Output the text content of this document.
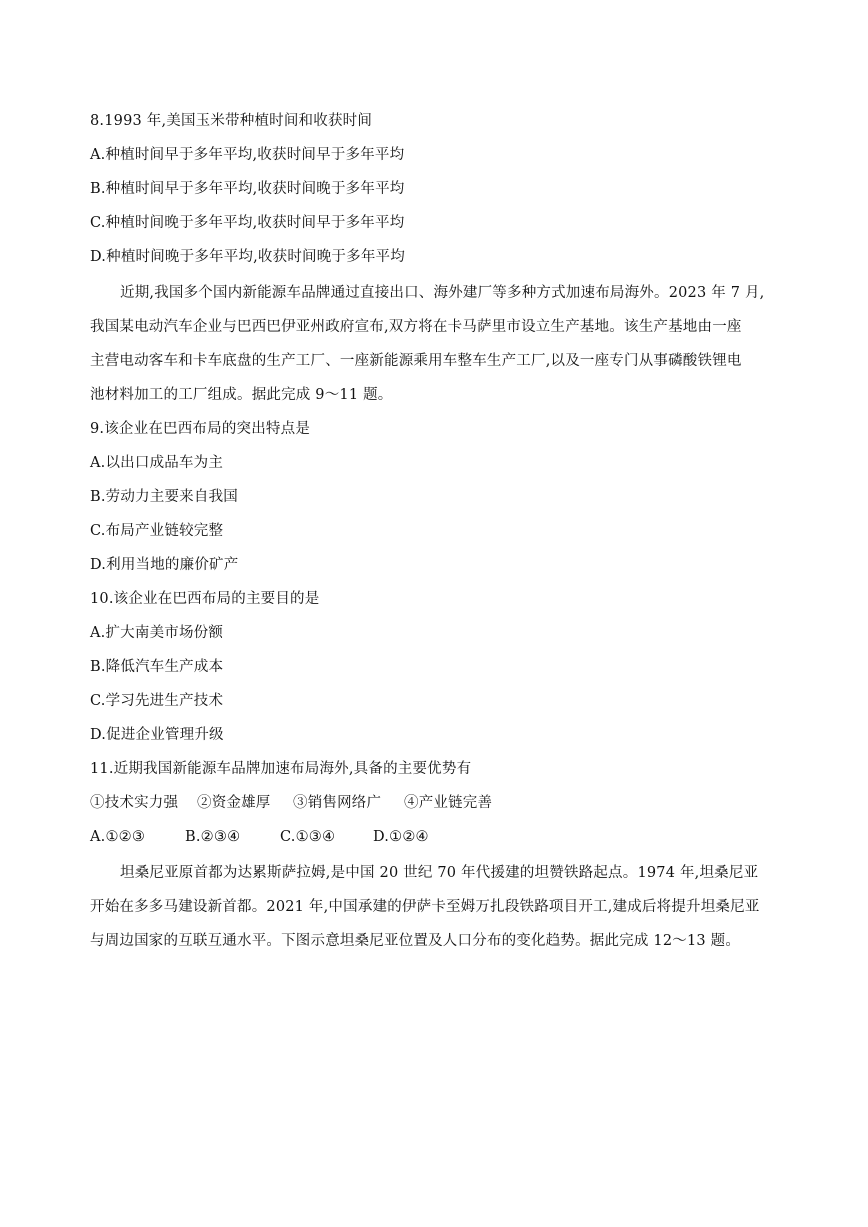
8.1993 年,美国玉米带种植时间和收获时间
A.种植时间早于多年平均,收获时间早于多年平均
B.种植时间早于多年平均,收获时间晚于多年平均
C.种植时间晚于多年平均,收获时间早于多年平均
D.种植时间晚于多年平均,收获时间晚于多年平均
近期,我国多个国内新能源车品牌通过直接出口、海外建厂等多种方式加速布局海外。2023 年 7 月,
我国某电动汽车企业与巴西巴伊亚州政府宣布,双方将在卡马萨里市设立生产基地。该生产基地由一座
主营电动客车和卡车底盘的生产工厂、一座新能源乘用车整车生产工厂,以及一座专门从事磷酸铁锂电
池材料加工的工厂组成。据此完成 9～11 题。
9.该企业在巴西布局的突出特点是
A.以出口成品车为主
B.劳动力主要来自我国
C.布局产业链较完整
D.利用当地的廉价矿产
10.该企业在巴西布局的主要目的是
A.扩大南美市场份额
B.降低汽车生产成本
C.学习先进生产技术
D.促进企业管理升级
11.近期我国新能源车品牌加速布局海外,具备的主要优势有
①技术实力强 ②资金雄厚 ③销售网络广 ④产业链完善
A.①②③	B.②③④	C.①③④	D.①②④
坦桑尼亚原首都为达累斯萨拉姆,是中国 20 世纪 70 年代援建的坦赞铁路起点。1974 年,坦桑尼亚
开始在多多马建设新首都。2021 年,中国承建的伊萨卡至姆万扎段铁路项目开工,建成后将提升坦桑尼亚
与周边国家的互联互通水平。下图示意坦桑尼亚位置及人口分布的变化趋势。据此完成 12～13 题。
